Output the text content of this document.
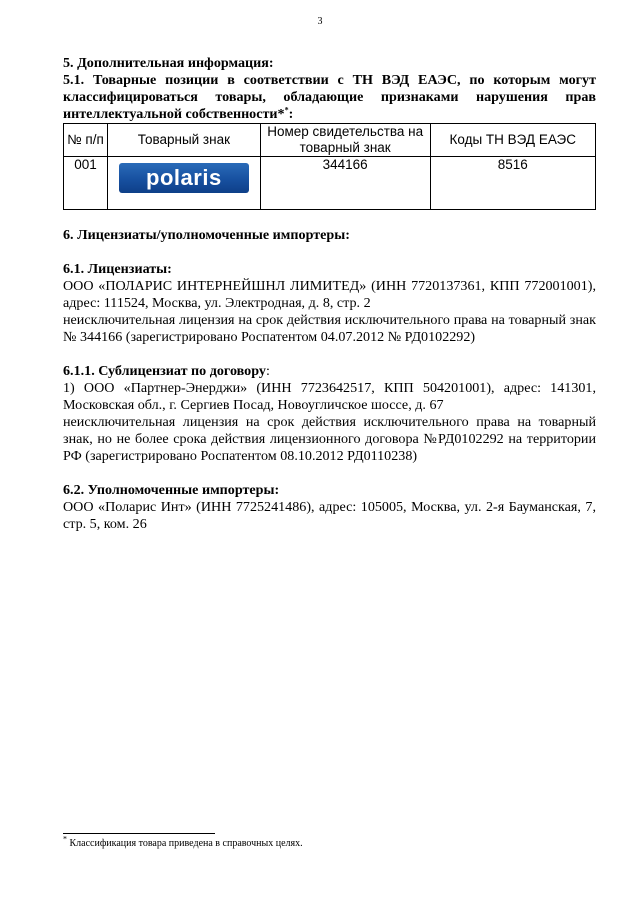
3
5. Дополнительная информация:

5.1. Товарные позиции в соответствии с ТН ВЭД ЕАЭС, по которым могут классифицироваться товары, обладающие признаками нарушения прав интеллектуальной собственности**:

№ п/п	Товарный знак	Номер свидетельства на товарный знак	Коды ТН ВЭД ЕАЭС
001	polaris	344166	8516
6. Лицензиаты/уполномоченные импортеры:
6.1. Лицензиаты:

ООО «ПОЛАРИС ИНТЕРНЕЙШНЛ ЛИМИТЕД» (ИНН 7720137361, КПП 772001001), адрес: 111524, Москва, ул. Электродная, д. 8, стр. 2

неисключительная лицензия на срок действия исключительного права на товарный знак № 344166 (зарегистрировано Роспатентом 04.07.2012 № РД0102292)

6.1.1. Сублицензиат по договору:

1) ООО «Партнер-Энерджи» (ИНН 7723642517, КПП 504201001), адрес: 141301, Московская обл., г. Сергиев Посад, Новоугличское шоссе, д. 67

неисключительная лицензия на срок действия исключительного права на товарный знак, но не более срока действия лицензионного договора №РД0102292 на территории РФ (зарегистрировано Роспатентом 08.10.2012 РД0110238)

6.2. Уполномоченные импортеры:

ООО «Поларис Инт» (ИНН 7725241486), адрес: 105005, Москва, ул. 2-я Бауманская, 7, стр. 5, ком. 26

* Классификация товара приведена в справочных целях.
